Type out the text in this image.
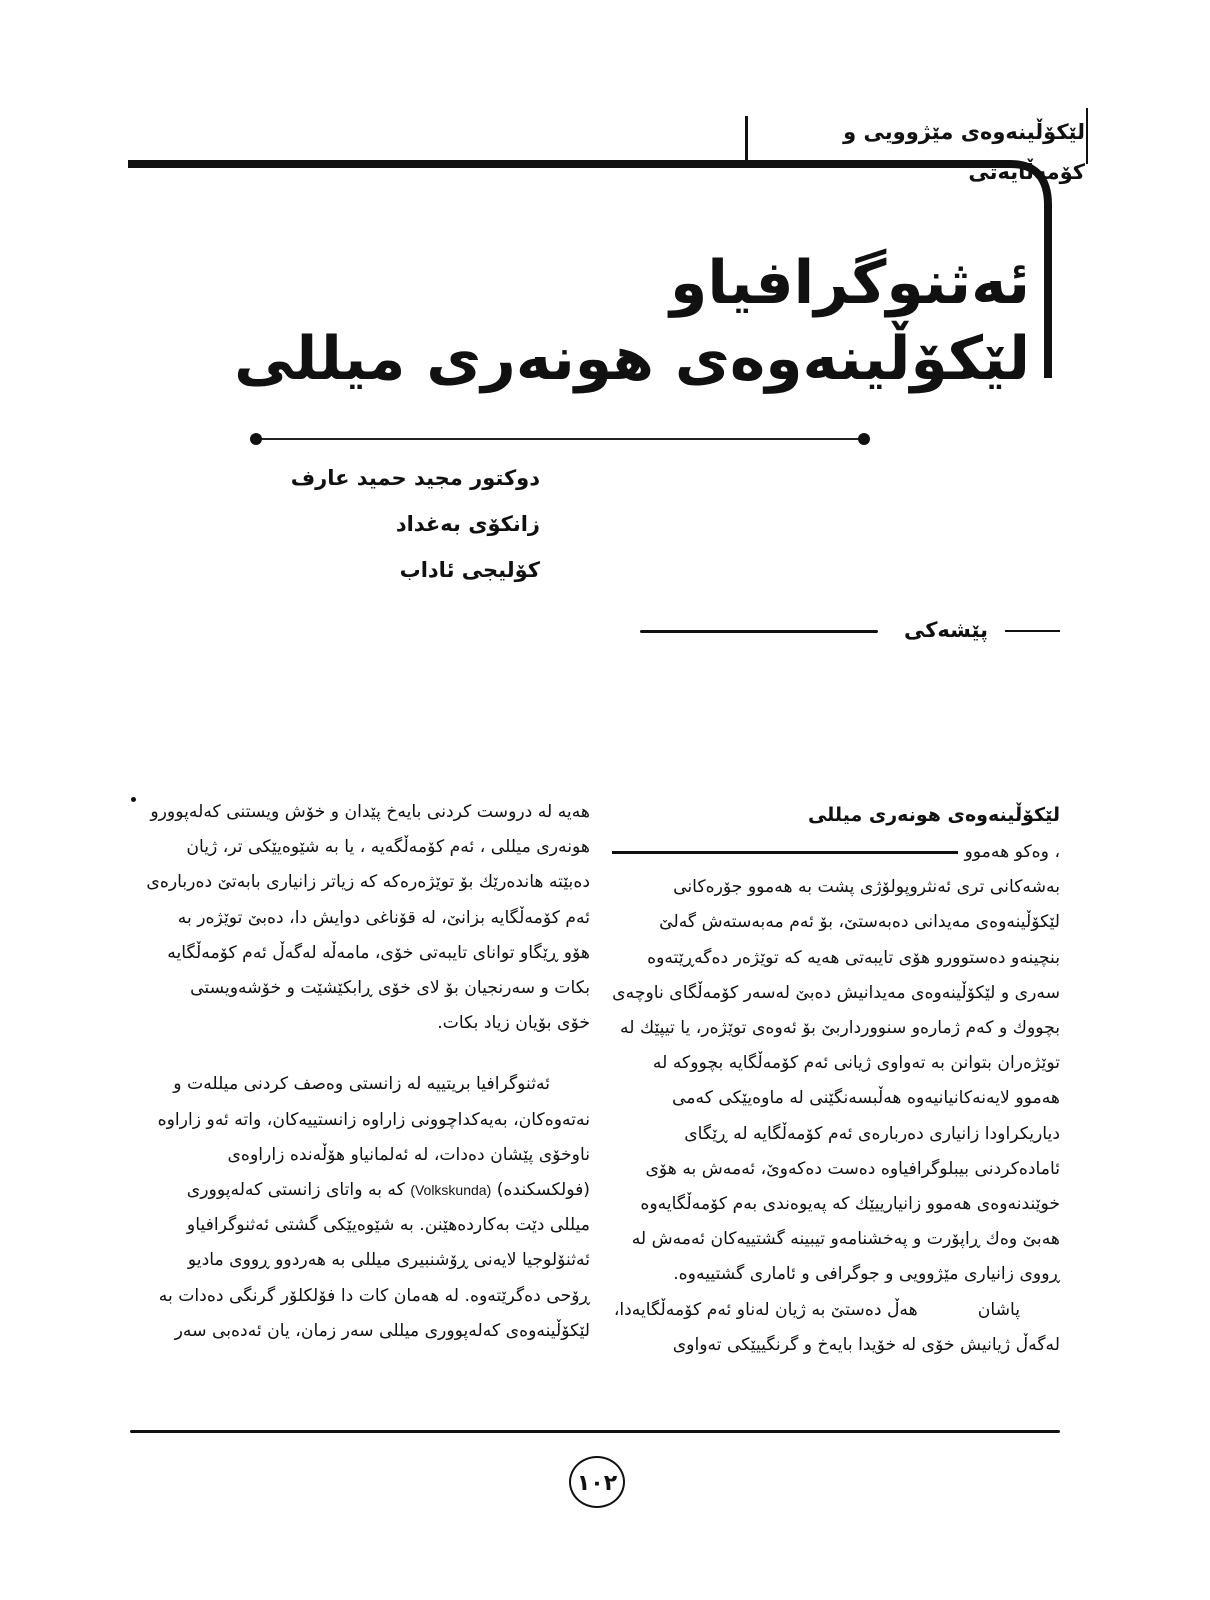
لێکۆڵینەوەی مێژوویی و کۆمەڵایەتی
ئەثنوگرافیاو
لێکۆڵینەوەی هونەری میللی
دوکتور مجید حمید عارف
زانکۆی بەغداد
کۆلیجی ئاداب
پێشەکی
لێکۆڵینەوەی هونەری میللی
، وەکو هەموو

بەشەکانی تری ئەنثروپولۆژی پشت بە هەموو جۆرەکانی

لێکۆڵینەوەی مەیدانی دەبەستێ، بۆ ئەم مەبەستەش گەلێ

بنچینەو دەستوورو هۆی تایبەتی هەیە کە توێژەر دەگەڕێتەوە

سەری و لێکۆڵینەوەی مەیدانیش دەبێ لەسەر کۆمەڵگای ناوچەی

بچووك و کەم ژمارەو سنوورداربێ بۆ ئەوەی توێژەر، یا تیپێك لە

توێژەران بتوانن بە تەواوی ژیانی ئەم کۆمەڵگایە بچووکە لە

هەموو لایەنەکانیانیەوە هەڵبسەنگێنی لە ماوەیێکی کەمی

دیاریکراودا زانیاری دەربارەی ئەم کۆمەڵگایە لە ڕێگای

ئامادەکردنی بیبلوگرافیاوە دەست دەکەوێ، ئەمەش بە هۆی

خوێندنەوەی هەموو زانیارییێك کە پەیوەندی بەم کۆمەڵگایەوە

هەبێ وەك ڕاپۆرت و پەخشنامەو تیبینە گشتییەکان ئەمەش لە

ڕووی زانیاری مێژوویی و جوگرافی و ئاماری گشتییەوە.

پاشانهەڵ دەستێ بە ژیان لەناو ئەم کۆمەڵگایەدا،

لەگەڵ ژیانیش خۆی لە خۆیدا بایەخ و گرنگییێکی تەواوی

هەیە لە دروست کردنی بایەخ پێدان و خۆش ویستنی کەلەپوورو

هونەری میللی ، ئەم کۆمەڵگەیە ، یا بە شێوەیێکی تر، ژیان

دەبێتە هاندەرێك بۆ توێژەرەکە کە زیاتر زانیاری بابەتێ دەربارەی

ئەم کۆمەڵگایە بزانێ، لە قۆناغی دوایش دا، دەبێ توێژەر بە

هۆو ڕێگاو توانای تایبەتی خۆی، مامەڵە لەگەڵ ئەم کۆمەڵگایە

بکات و سەرنجیان بۆ لای خۆی ڕابکێشێت و خۆشەویستی

خۆی بۆیان زیاد بکات.

ئەثنوگرافیا بریتییە لە زانستی وەصف کردنی میللەت و

نەتەوەکان، بەیەکداچوونی زاراوە زانستییەکان، واتە ئەو زاراوە

ناوخۆی پێشان دەدات، لە ئەلمانیاو هۆڵەندە زاراوەی

(فولکسکندە) (Volkskunda) کە بە واتای زانستی کەلەپووری

میللی دێت بەکاردەهێنن. بە شێوەیێکی گشتی ئەثنوگرافیاو

ئەثنۆلوجیا لایەنی ڕۆشنبیری میللی بە هەردوو ڕووی مادیو

ڕۆحی دەگرێتەوە. لە هەمان کات دا فۆلکلۆر گرنگی دەدات بە

لێکۆڵینەوەی کەلەپووری میللی سەر زمان، یان ئەدەبی سەر

١٠٢
